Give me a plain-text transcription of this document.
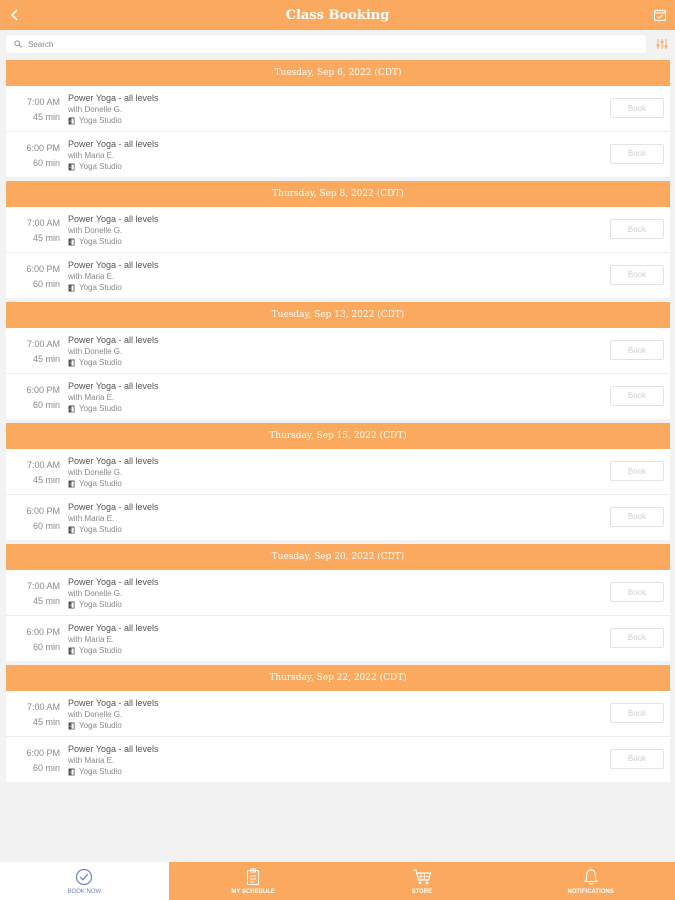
Class Booking
Search
Tuesday, Sep 6, 2022 (CDT)
7:00 AM
45 min
Power Yoga - all levels
with Donelle G.
Yoga Studio
Book
6:00 PM
60 min
Power Yoga - all levels
with Maria E.
Yoga Studio
Book
Thursday, Sep 8, 2022 (CDT)
7:00 AM
45 min
Power Yoga - all levels
with Donelle G.
Yoga Studio
Book
6:00 PM
60 min
Power Yoga - all levels
with Maria E.
Yoga Studio
Book
Tuesday, Sep 13, 2022 (CDT)
7:00 AM
45 min
Power Yoga - all levels
with Donelle G.
Yoga Studio
Book
6:00 PM
60 min
Power Yoga - all levels
with Maria E.
Yoga Studio
Book
Thursday, Sep 15, 2022 (CDT)
7:00 AM
45 min
Power Yoga - all levels
with Donelle G.
Yoga Studio
Book
6:00 PM
60 min
Power Yoga - all levels
with Maria E.
Yoga Studio
Book
Tuesday, Sep 20, 2022 (CDT)
7:00 AM
45 min
Power Yoga - all levels
with Donelle G.
Yoga Studio
Book
6:00 PM
60 min
Power Yoga - all levels
with Maria E.
Yoga Studio
Book
Thursday, Sep 22, 2022 (CDT)
7:00 AM
45 min
Power Yoga - all levels
with Donelle G.
Yoga Studio
Book
6:00 PM
60 min
Power Yoga - all levels
with Maria E.
Yoga Studio
Book
BOOK NOW	MY SCHEDULE	STORE	NOTIFICATIONS
